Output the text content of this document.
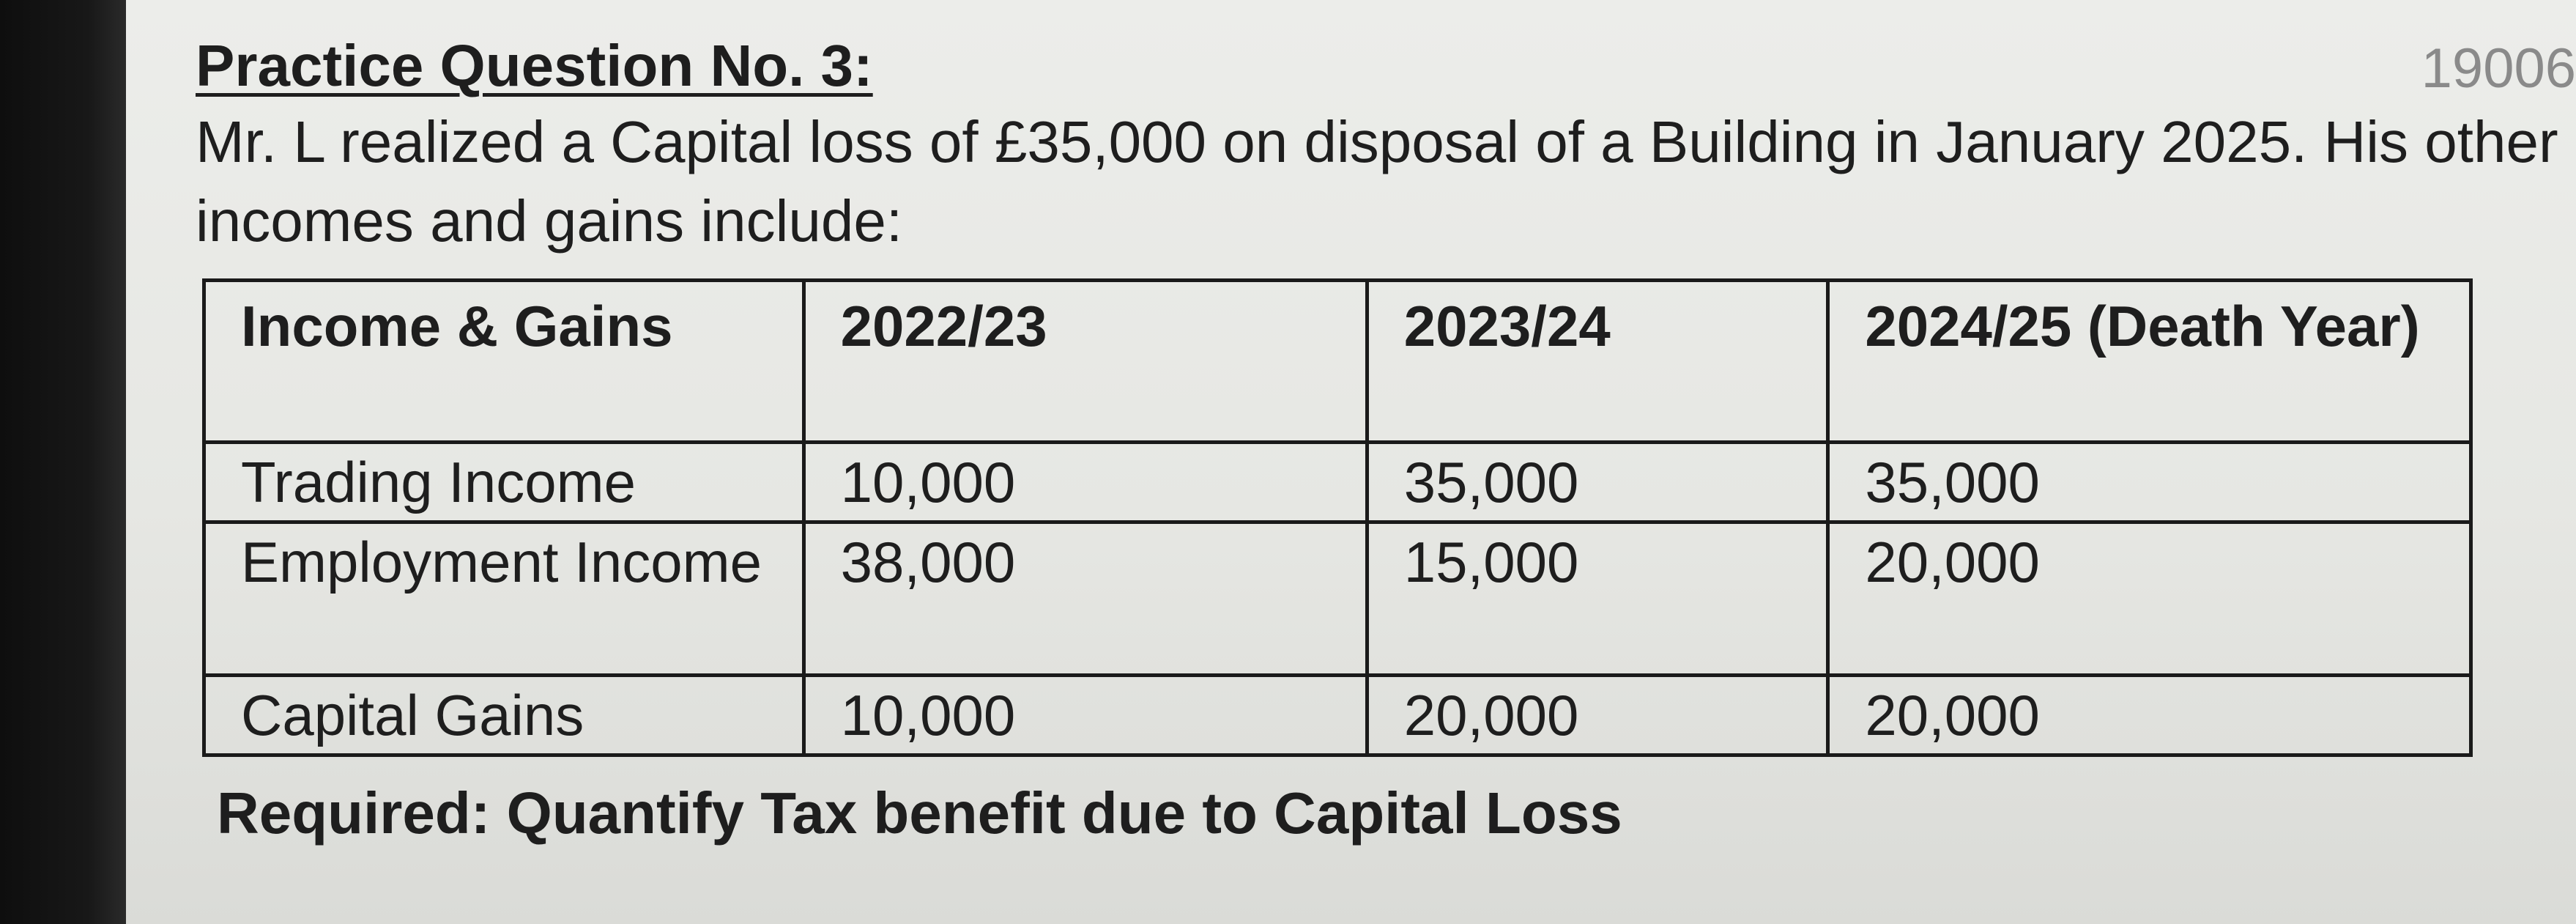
19006
Practice Question No. 3:

Mr. L realized a Capital loss of £35,000 on disposal of a Building in January 2025. His other incomes and gains include:

Income & Gains	2022/23	2023/24	2024/25 (Death Year)
Trading Income	10,000	35,000	35,000
Employment Income	38,000	15,000	20,000
Capital Gains	10,000	20,000	20,000
Required: Quantify Tax benefit due to Capital Loss
